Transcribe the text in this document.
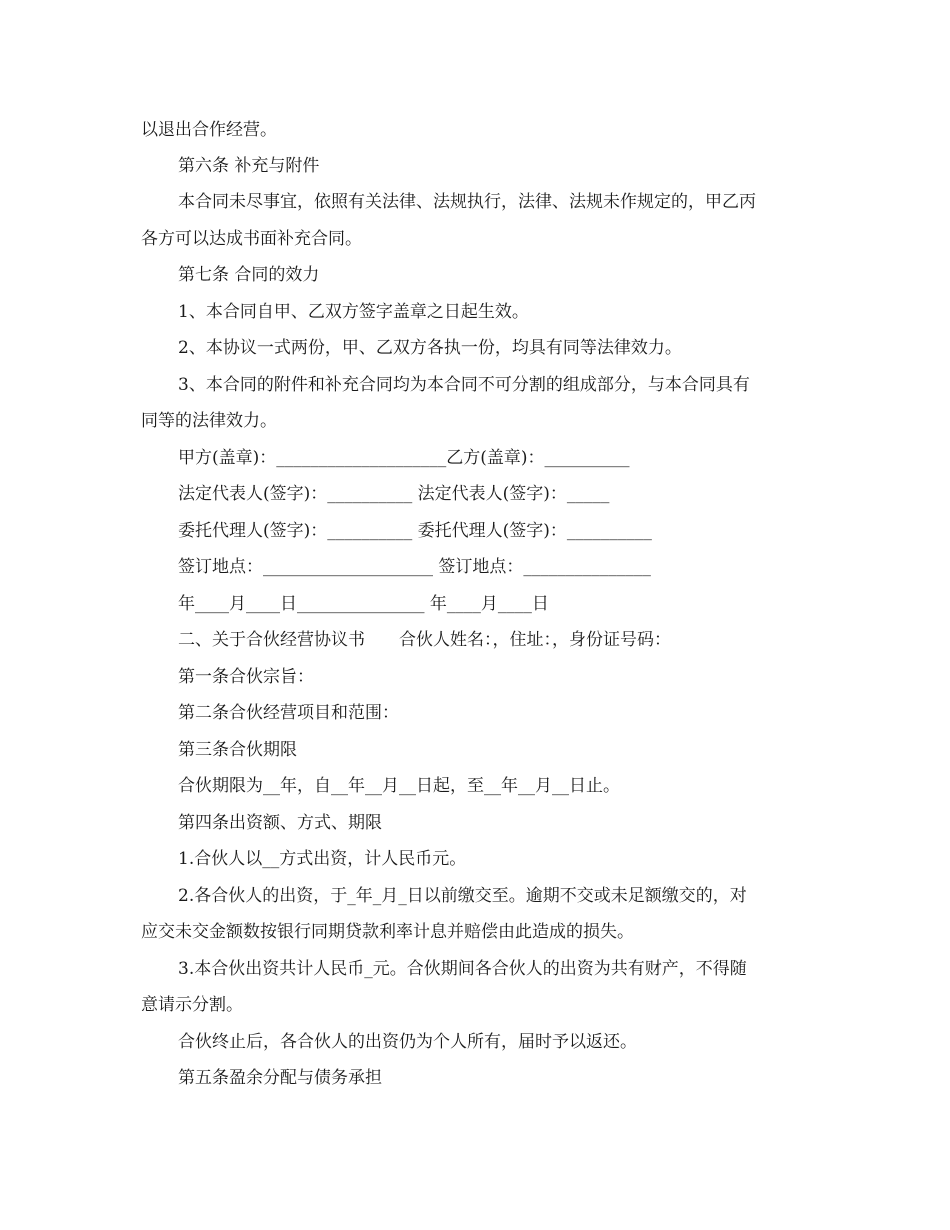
以退出合作经营。

第六条 补充与附件

本合同未尽事宜，依照有关法律、法规执行，法律、法规未作规定的，甲乙丙

各方可以达成书面补充合同。

第七条 合同的效力

1、本合同自甲、乙双方签字盖章之日起生效。

2、本协议一式两份，甲、乙双方各执一份，均具有同等法律效力。

3、本合同的附件和补充合同均为本合同不可分割的组成部分，与本合同具有

同等的法律效力。

甲方(盖章)：____________________乙方(盖章)：__________

法定代表人(签字)：__________ 法定代表人(签字)：_____

委托代理人(签字)：__________ 委托代理人(签字)：__________

签订地点：____________________ 签订地点：_______________

年____月____日_______________ 年____月____日

二、关于合伙经营协议书　　合伙人姓名：，住址：，身份证号码：

第一条合伙宗旨：

第二条合伙经营项目和范围：

第三条合伙期限

合伙期限为__年，自__年__月__日起，至__年__月__日止。

第四条出资额、方式、期限

1.合伙人以__方式出资，计人民币元。

2.各合伙人的出资，于_年_月_日以前缴交至。逾期不交或未足额缴交的，对

应交未交金额数按银行同期贷款利率计息并赔偿由此造成的损失。

3.本合伙出资共计人民币_元。合伙期间各合伙人的出资为共有财产，不得随

意请示分割。

合伙终止后，各合伙人的出资仍为个人所有，届时予以返还。

第五条盈余分配与债务承担
